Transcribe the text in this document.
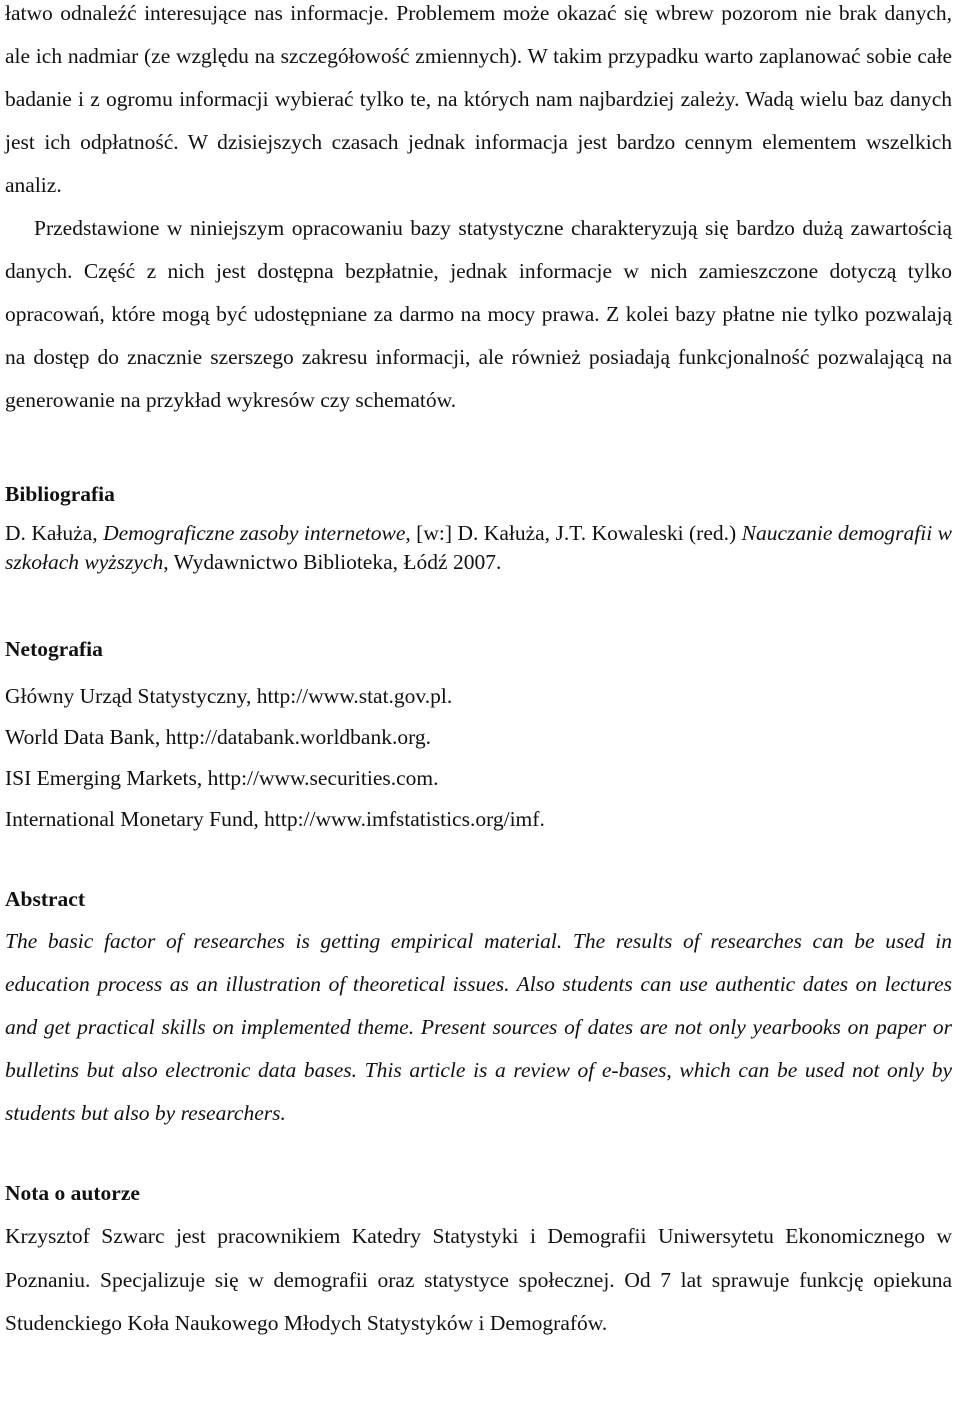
łatwo odnaleźć interesujące nas informacje. Problemem może okazać się wbrew pozorom nie brak danych, ale ich nadmiar (ze względu na szczegółowość zmiennych). W takim przypadku warto zaplanować sobie całe badanie i z ogromu informacji wybierać tylko te, na których nam najbardziej zależy. Wadą wielu baz danych jest ich odpłatność. W dzisiejszych czasach jednak informacja jest bardzo cennym elementem wszelkich analiz.

Przedstawione w niniejszym opracowaniu bazy statystyczne charakteryzują się bardzo dużą zawartością danych. Część z nich jest dostępna bezpłatnie, jednak informacje w nich zamieszczone dotyczą tylko opracowań, które mogą być udostępniane za darmo na mocy prawa. Z kolei bazy płatne nie tylko pozwalają na dostęp do znacznie szerszego zakresu informacji, ale również posiadają funkcjonalność pozwalającą na generowanie na przykład wykresów czy schematów.

Bibliografia

D. Kałuża, Demograficzne zasoby internetowe, [w:] D. Kałuża, J.T. Kowaleski (red.) Nauczanie demografii w szkołach wyższych, Wydawnictwo Biblioteka, Łódź 2007.

Netografia
Główny Urząd Statystyczny, http://www.stat.gov.pl.
World Data Bank, http://databank.worldbank.org.
ISI Emerging Markets, http://www.securities.com.
International Monetary Fund, http://www.imfstatistics.org/imf.
Abstract

The basic factor of researches is getting empirical material. The results of researches can be used in education process as an illustration of theoretical issues. Also students can use authentic dates on lectures and get practical skills on implemented theme. Present sources of dates are not only yearbooks on paper or bulletins but also electronic data bases. This article is a review of e-bases, which can be used not only by students but also by researchers.

Nota o autorze

Krzysztof Szwarc jest pracownikiem Katedry Statystyki i Demografii Uniwersytetu Ekonomicznego w Poznaniu. Specjalizuje się w demografii oraz statystyce społecznej. Od 7 lat sprawuje funkcję opiekuna Studenckiego Koła Naukowego Młodych Statystyków i Demografów.
